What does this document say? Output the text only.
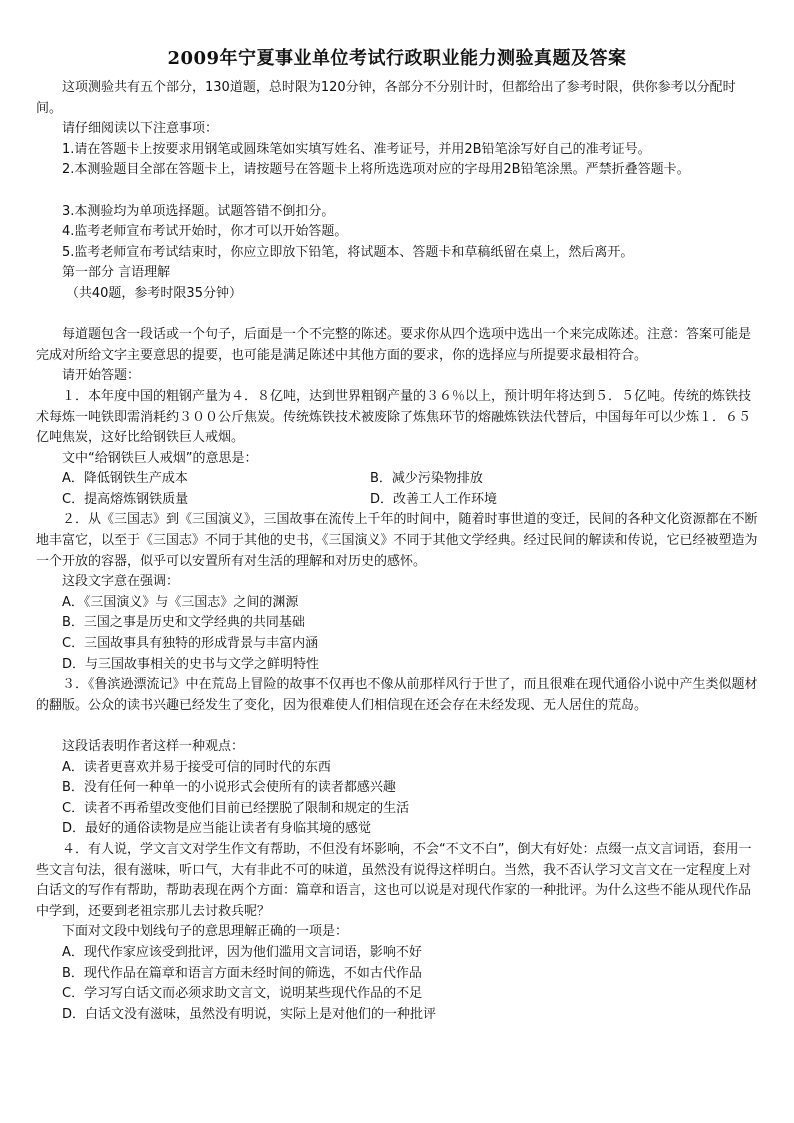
2009年宁夏事业单位考试行政职业能力测验真题及答案

这项测验共有五个部分，130道题，总时限为120分钟，各部分不分别计时，但都给出了参考时限，供你参考以分配时间。

请仔细阅读以下注意事项：

1.请在答题卡上按要求用钢笔或圆珠笔如实填写姓名、准考证号，并用2B铅笔涂写好自己的准考证号。

2.本测验题目全部在答题卡上，请按题号在答题卡上将所选选项对应的字母用2B铅笔涂黑。严禁折叠答题卡。

3.本测验均为单项选择题。试题答错不倒扣分。

4.监考老师宣布考试开始时，你才可以开始答题。

5.监考老师宣布考试结束时，你应立即放下铅笔，将试题本、答题卡和草稿纸留在桌上，然后离开。

第一部分 言语理解

（共40题，参考时限35分钟）

每道题包含一段话或一个句子，后面是一个不完整的陈述。要求你从四个选项中选出一个来完成陈述。注意：答案可能是完成对所给文字主要意思的提要，也可能是满足陈述中其他方面的要求，你的选择应与所提要求最相符合。

请开始答题：

１．本年度中国的粗钢产量为４．８亿吨，达到世界粗钢产量的３６％以上，预计明年将达到５．５亿吨。传统的炼铁技术每炼一吨铁即需消耗约３００公斤焦炭。传统炼铁技术被废除了炼焦环节的熔融炼铁法代替后，中国每年可以少炼１．６５亿吨焦炭，这好比给钢铁巨人戒烟。

文中“给钢铁巨人戒烟”的意思是：

A．降低钢铁生产成本	B．减少污染物排放
C．提高熔炼钢铁质量	D．改善工人工作环境

２．从《三国志》到《三国演义》，三国故事在流传上千年的时间中，随着时事世道的变迁，民间的各种文化资源都在不断地丰富它，以至于《三国志》不同于其他的史书，《三国演义》不同于其他文学经典。经过民间的解读和传说，它已经被塑造为一个开放的容器，似乎可以安置所有对生活的理解和对历史的感怀。

这段文字意在强调：

A．《三国演义》与《三国志》之间的渊源

B．三国之事是历史和文学经典的共同基础

C．三国故事具有独特的形成背景与丰富内涵

D．与三国故事相关的史书与文学之鲜明特性

３．《鲁滨逊漂流记》中在荒岛上冒险的故事不仅再也不像从前那样风行于世了，而且很难在现代通俗小说中产生类似题材的翻版。公众的读书兴趣已经发生了变化，因为很难使人们相信现在还会存在未经发现、无人居住的荒岛。

这段话表明作者这样一种观点：

A．读者更喜欢并易于接受可信的同时代的东西

B．没有任何一种单一的小说形式会使所有的读者都感兴趣

C．读者不再希望改变他们目前已经摆脱了限制和规定的生活

D．最好的通俗读物是应当能让读者有身临其境的感觉

４．有人说，学文言文对学生作文有帮助，不但没有坏影响，不会“不文不白”，倒大有好处：点缀一点文言词语，套用一些文言句法，很有滋味，听口气，大有非此不可的味道，虽然没有说得这样明白。当然，我不否认学习文言文在一定程度上对白话文的写作有帮助，帮助表现在两个方面：篇章和语言，这也可以说是对现代作家的一种批评。为什么这些不能从现代作品中学到，还要到老祖宗那儿去讨救兵呢？

下面对文段中划线句子的意思理解正确的一项是：

A．现代作家应该受到批评，因为他们滥用文言词语，影响不好

B．现代作品在篇章和语言方面未经时间的筛选，不如古代作品

C．学习写白话文而必须求助文言文，说明某些现代作品的不足

D．白话文没有滋味，虽然没有明说，实际上是对他们的一种批评
